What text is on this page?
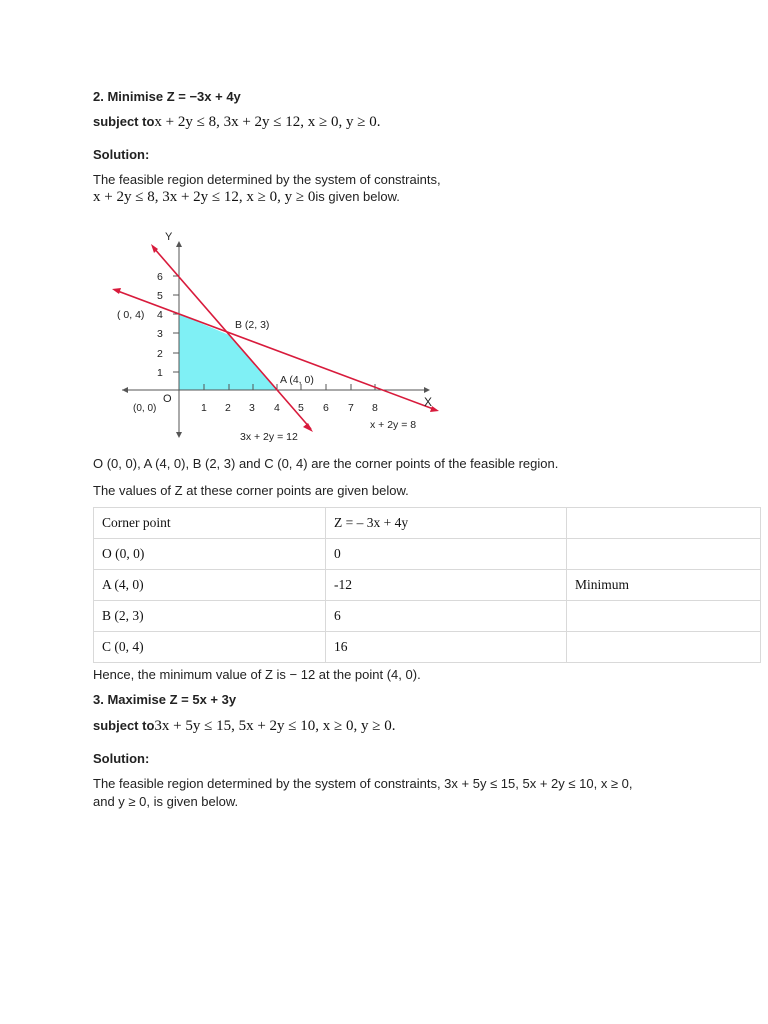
2. Minimise Z = −3x + 4y
subject tox + 2y ≤ 8, 3x + 2y ≤ 12, x ≥ 0, y ≥ 0.
Solution:
The feasible region determined by the system of constraints,
x + 2y ≤ 8, 3x + 2y ≤ 12, x ≥ 0, y ≥ 0is given below.
Y
X
O
(0, 0)	1 2 3 4 5 6 7 8
1
2
3
4
5
6
( 0, 4)
B (2, 3)
A (4, 0)
3x + 2y = 12
x + 2y = 8
O (0, 0), A (4, 0), B (2, 3) and C (0, 4) are the corner points of the feasible region.
The values of Z at these corner points are given below.
Corner point	Z = – 3x + 4y	
O (0, 0)	0	
A (4, 0)	-12	Minimum
B (2, 3)	6	
C (0, 4)	16	
Hence, the minimum value of Z is − 12 at the point (4, 0).
3. Maximise Z = 5x + 3y
subject to3x + 5y ≤ 15, 5x + 2y ≤ 10, x ≥ 0, y ≥ 0.
Solution:
The feasible region determined by the system of constraints, 3x + 5y ≤ 15, 5x + 2y ≤ 10, x ≥ 0,
and y ≥ 0, is given below.
